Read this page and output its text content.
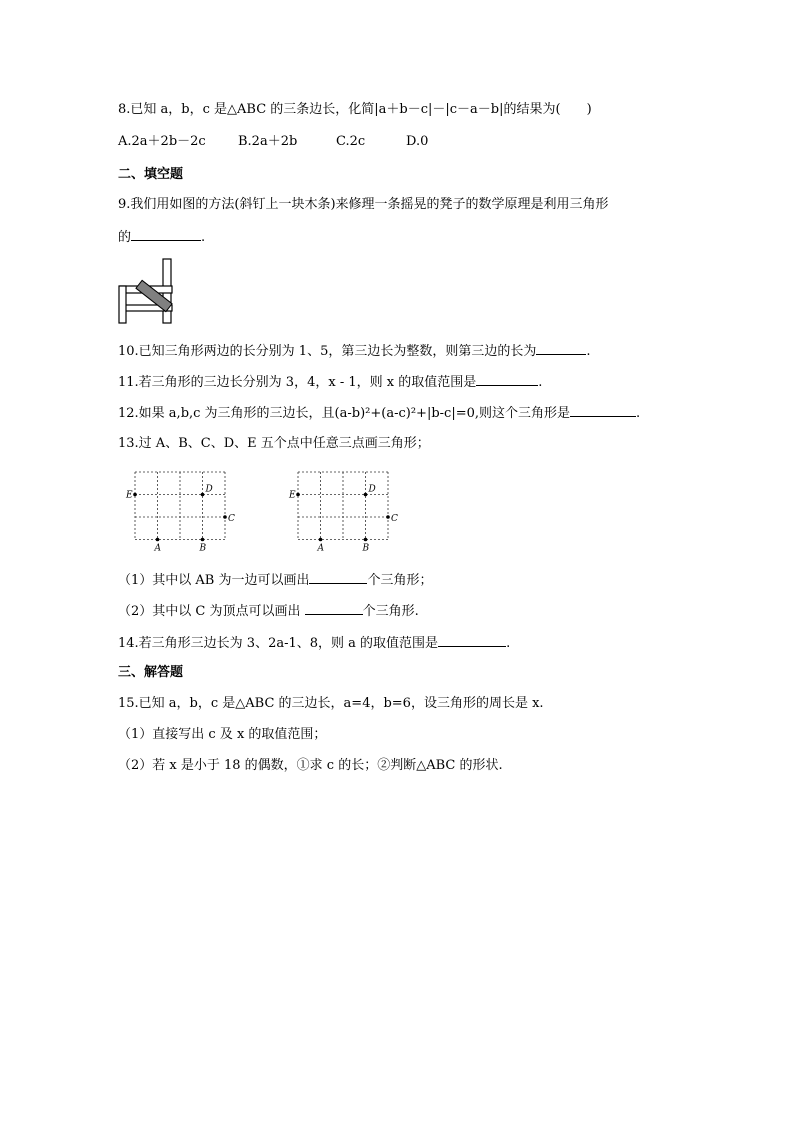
8.已知 a，b，c 是△ABC 的三条边长，化简|a＋b－c|－|c－a－b|的结果为(　　)
A.2a＋2b－2c B.2a＋2b	C.2c	D.0
二、填空题
9.我们用如图的方法(斜钉上一块木条)来修理一条摇晃的凳子的数学原理是利用三角形
的	.
10.已知三角形两边的长分别为 1、5，第三边长为整数，则第三边的长为	.
11.若三角形的三边长分别为 3，4，x - 1，则 x 的取值范围是	.
12.如果 a,b,c 为三角形的三边长，且(a-b)²+(a-c)²+|b-c|=0,则这个三角形是	.
13.过 A、B、C、D、E 五个点中任意三点画三角形；
E
D
C
A	B
E
D
C
A	B
（1）其中以 AB 为一边可以画出	个三角形；
（2）其中以 C 为顶点可以画出	个三角形.
14.若三角形三边长为 3、2a-1、8，则 a 的取值范围是	.
三、解答题
15.已知 a，b，c 是△ABC 的三边长，a=4，b=6，设三角形的周长是 x.
（1）直接写出 c 及 x 的取值范围；
（2）若 x 是小于 18 的偶数，①求 c 的长；②判断△ABC 的形状.
